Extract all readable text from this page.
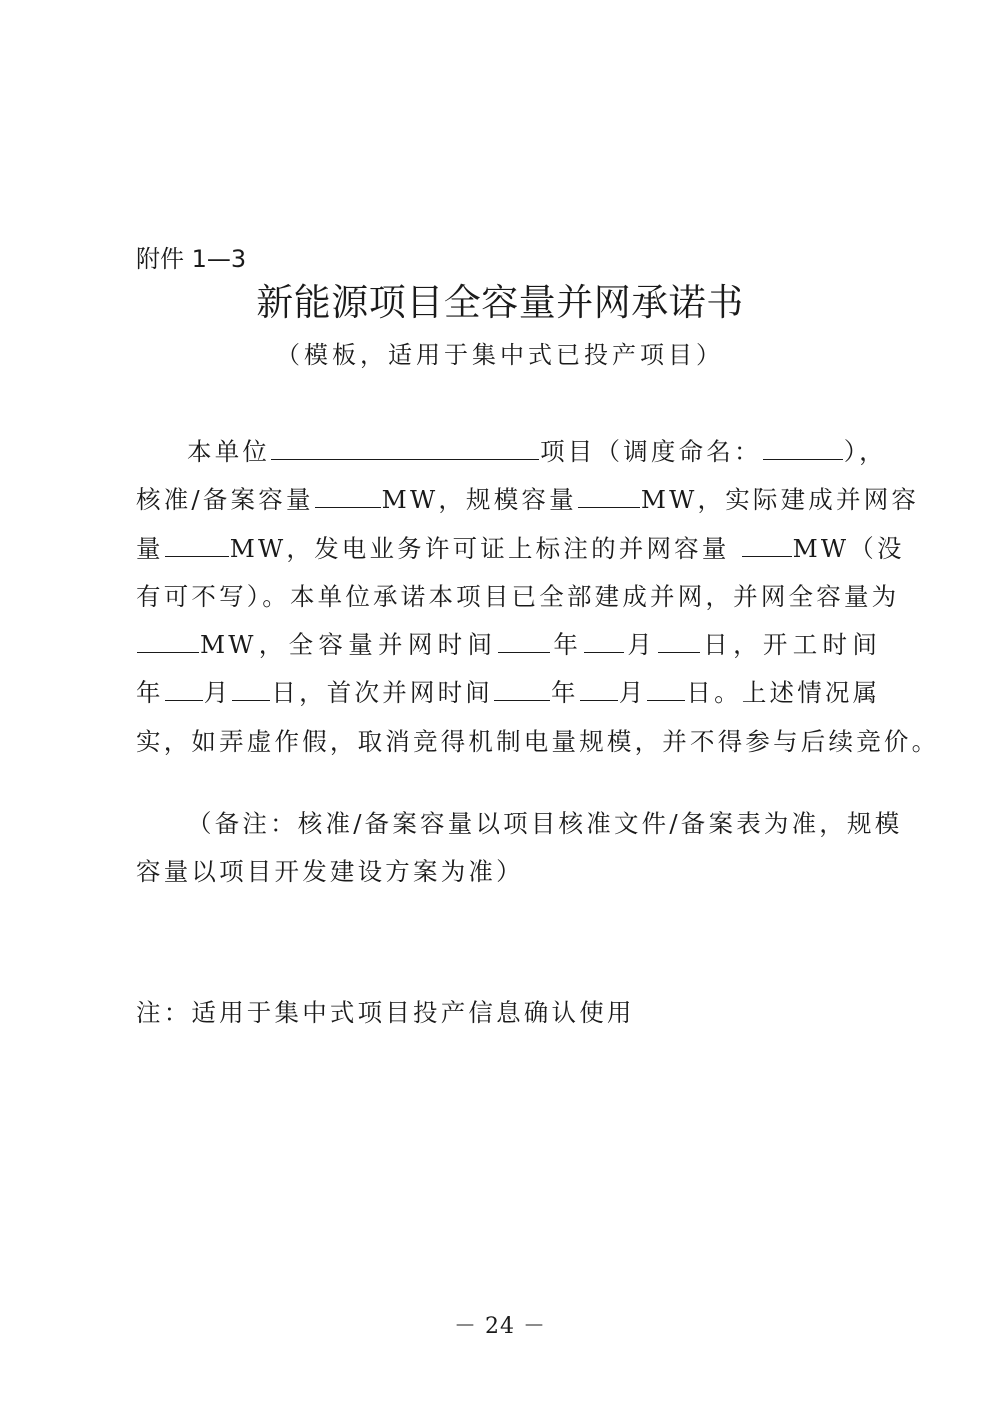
附件 1—3
新能源项目全容量并网承诺书
（模板，适用于集中式已投产项目）
本单位	项目（调度命名：	），
核准/备案容量	MW，规模容量	MW，实际建成并网容
量	MW，发电业务许可证上标注的并网容量	MW（没
有可不写）。本单位承诺本项目已全部建成并网，并网全容量为
MW，全容量并网时间 年 月 日，开工时间
年 月 日，首次并网时间 年 月 日。上述情况属
实，如弄虚作假，取消竞得机制电量规模，并不得参与后续竞价。
（备注：核准/备案容量以项目核准文件/备案表为准，规模
容量以项目开发建设方案为准）
注：适用于集中式项目投产信息确认使用
－ 24 －
